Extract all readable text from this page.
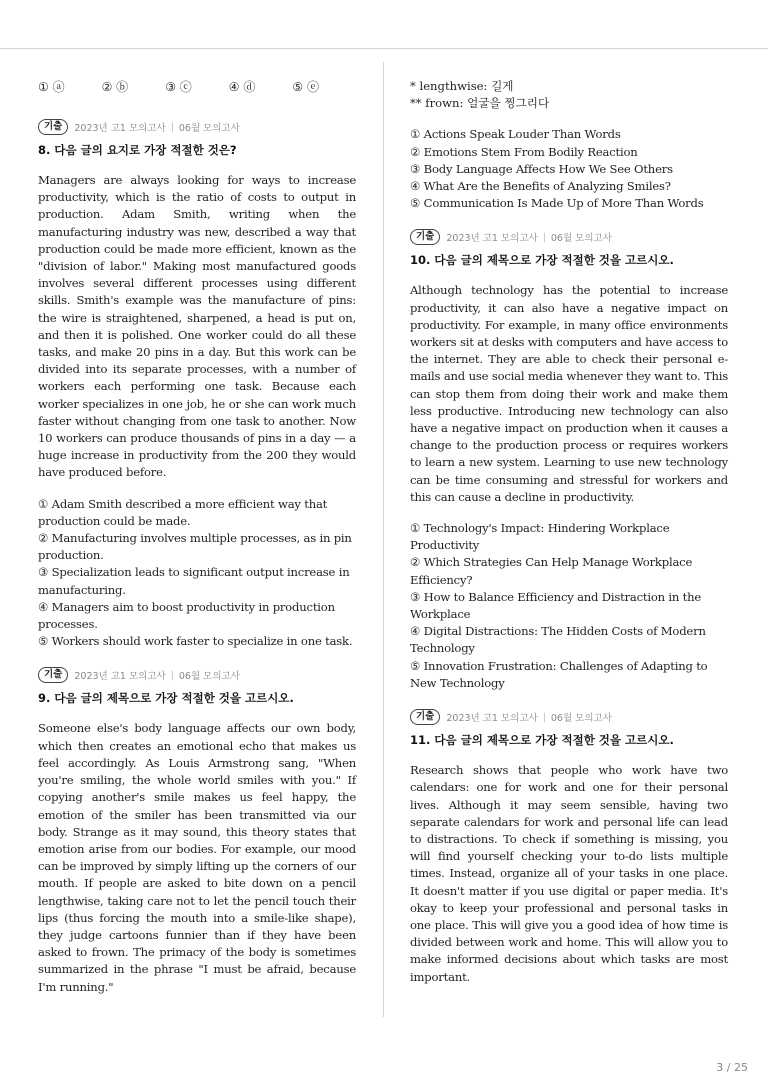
① ⓐ	② ⓑ	③ ⓒ	④ ⓓ	⑤ ⓔ
기출	2023년 고1 모의고사 | 06월 모의고사
8. 다음 글의 요지로 가장 적절한 것은?

Managers are always looking for ways to increase productivity, which is the ratio of costs to output in production. Adam Smith, writing when the manufacturing industry was new, described a way that production could be made more efficient, known as the "division of labor." Making most manufactured goods involves several different processes using different skills. Smith's example was the manufacture of pins: the wire is straightened, sharpened, a head is put on, and then it is polished. One worker could do all these tasks, and make 20 pins in a day. But this work can be divided into its separate processes, with a number of workers each performing one task. Because each worker specializes in one job, he or she can work much faster without changing from one task to another. Now 10 workers can produce thousands of pins in a day — a huge increase in productivity from the 200 they would have produced before.

① Adam Smith described a more efficient way that production could be made.
② Manufacturing involves multiple processes, as in pin production.
③ Specialization leads to significant output increase in manufacturing.
④ Managers aim to boost productivity in production processes.
⑤ Workers should work faster to specialize in one task.
기출	2023년 고1 모의고사 | 06월 모의고사
9. 다음 글의 제목으로 가장 적절한 것을 고르시오.

Someone else's body language affects our own body, which then creates an emotional echo that makes us feel accordingly. As Louis Armstrong sang, "When you're smiling, the whole world smiles with you." If copying another's smile makes us feel happy, the emotion of the smiler has been transmitted via our body. Strange as it may sound, this theory states that emotion arise from our bodies. For example, our mood can be improved by simply lifting up the corners of our mouth. If people are asked to bite down on a pencil lengthwise, taking care not to let the pencil touch their lips (thus forcing the mouth into a smile-like shape), they judge cartoons funnier than if they have been asked to frown. The primacy of the body is sometimes summarized in the phrase "I must be afraid, because I'm running."

* lengthwise: 길게
** frown: 얼굴을 찡그리다
① Actions Speak Louder Than Words
② Emotions Stem From Bodily Reaction
③ Body Language Affects How We See Others
④ What Are the Benefits of Analyzing Smiles?
⑤ Communication Is Made Up of More Than Words
기출	2023년 고1 모의고사 | 06월 모의고사
10. 다음 글의 제목으로 가장 적절한 것을 고르시오.

Although technology has the potential to increase productivity, it can also have a negative impact on productivity. For example, in many office environments workers sit at desks with computers and have access to the internet. They are able to check their personal e-mails and use social media whenever they want to. This can stop them from doing their work and make them less productive. Introducing new technology can also have a negative impact on production when it causes a change to the production process or requires workers to learn a new system. Learning to use new technology can be time consuming and stressful for workers and this can cause a decline in productivity.

① Technology's Impact: Hindering Workplace Productivity
② Which Strategies Can Help Manage Workplace Efficiency?
③ How to Balance Efficiency and Distraction in the Workplace
④ Digital Distractions: The Hidden Costs of Modern Technology
⑤ Innovation Frustration: Challenges of Adapting to New Technology
기출	2023년 고1 모의고사 | 06월 모의고사
11. 다음 글의 제목으로 가장 적절한 것을 고르시오.

Research shows that people who work have two calendars: one for work and one for their personal lives. Although it may seem sensible, having two separate calendars for work and personal life can lead to distractions. To check if something is missing, you will find yourself checking your to-do lists multiple times. Instead, organize all of your tasks in one place. It doesn't matter if you use digital or paper media. It's okay to keep your professional and personal tasks in one place. This will give you a good idea of how time is divided between work and home. This will allow you to make informed decisions about which tasks are most important.

3 / 25
